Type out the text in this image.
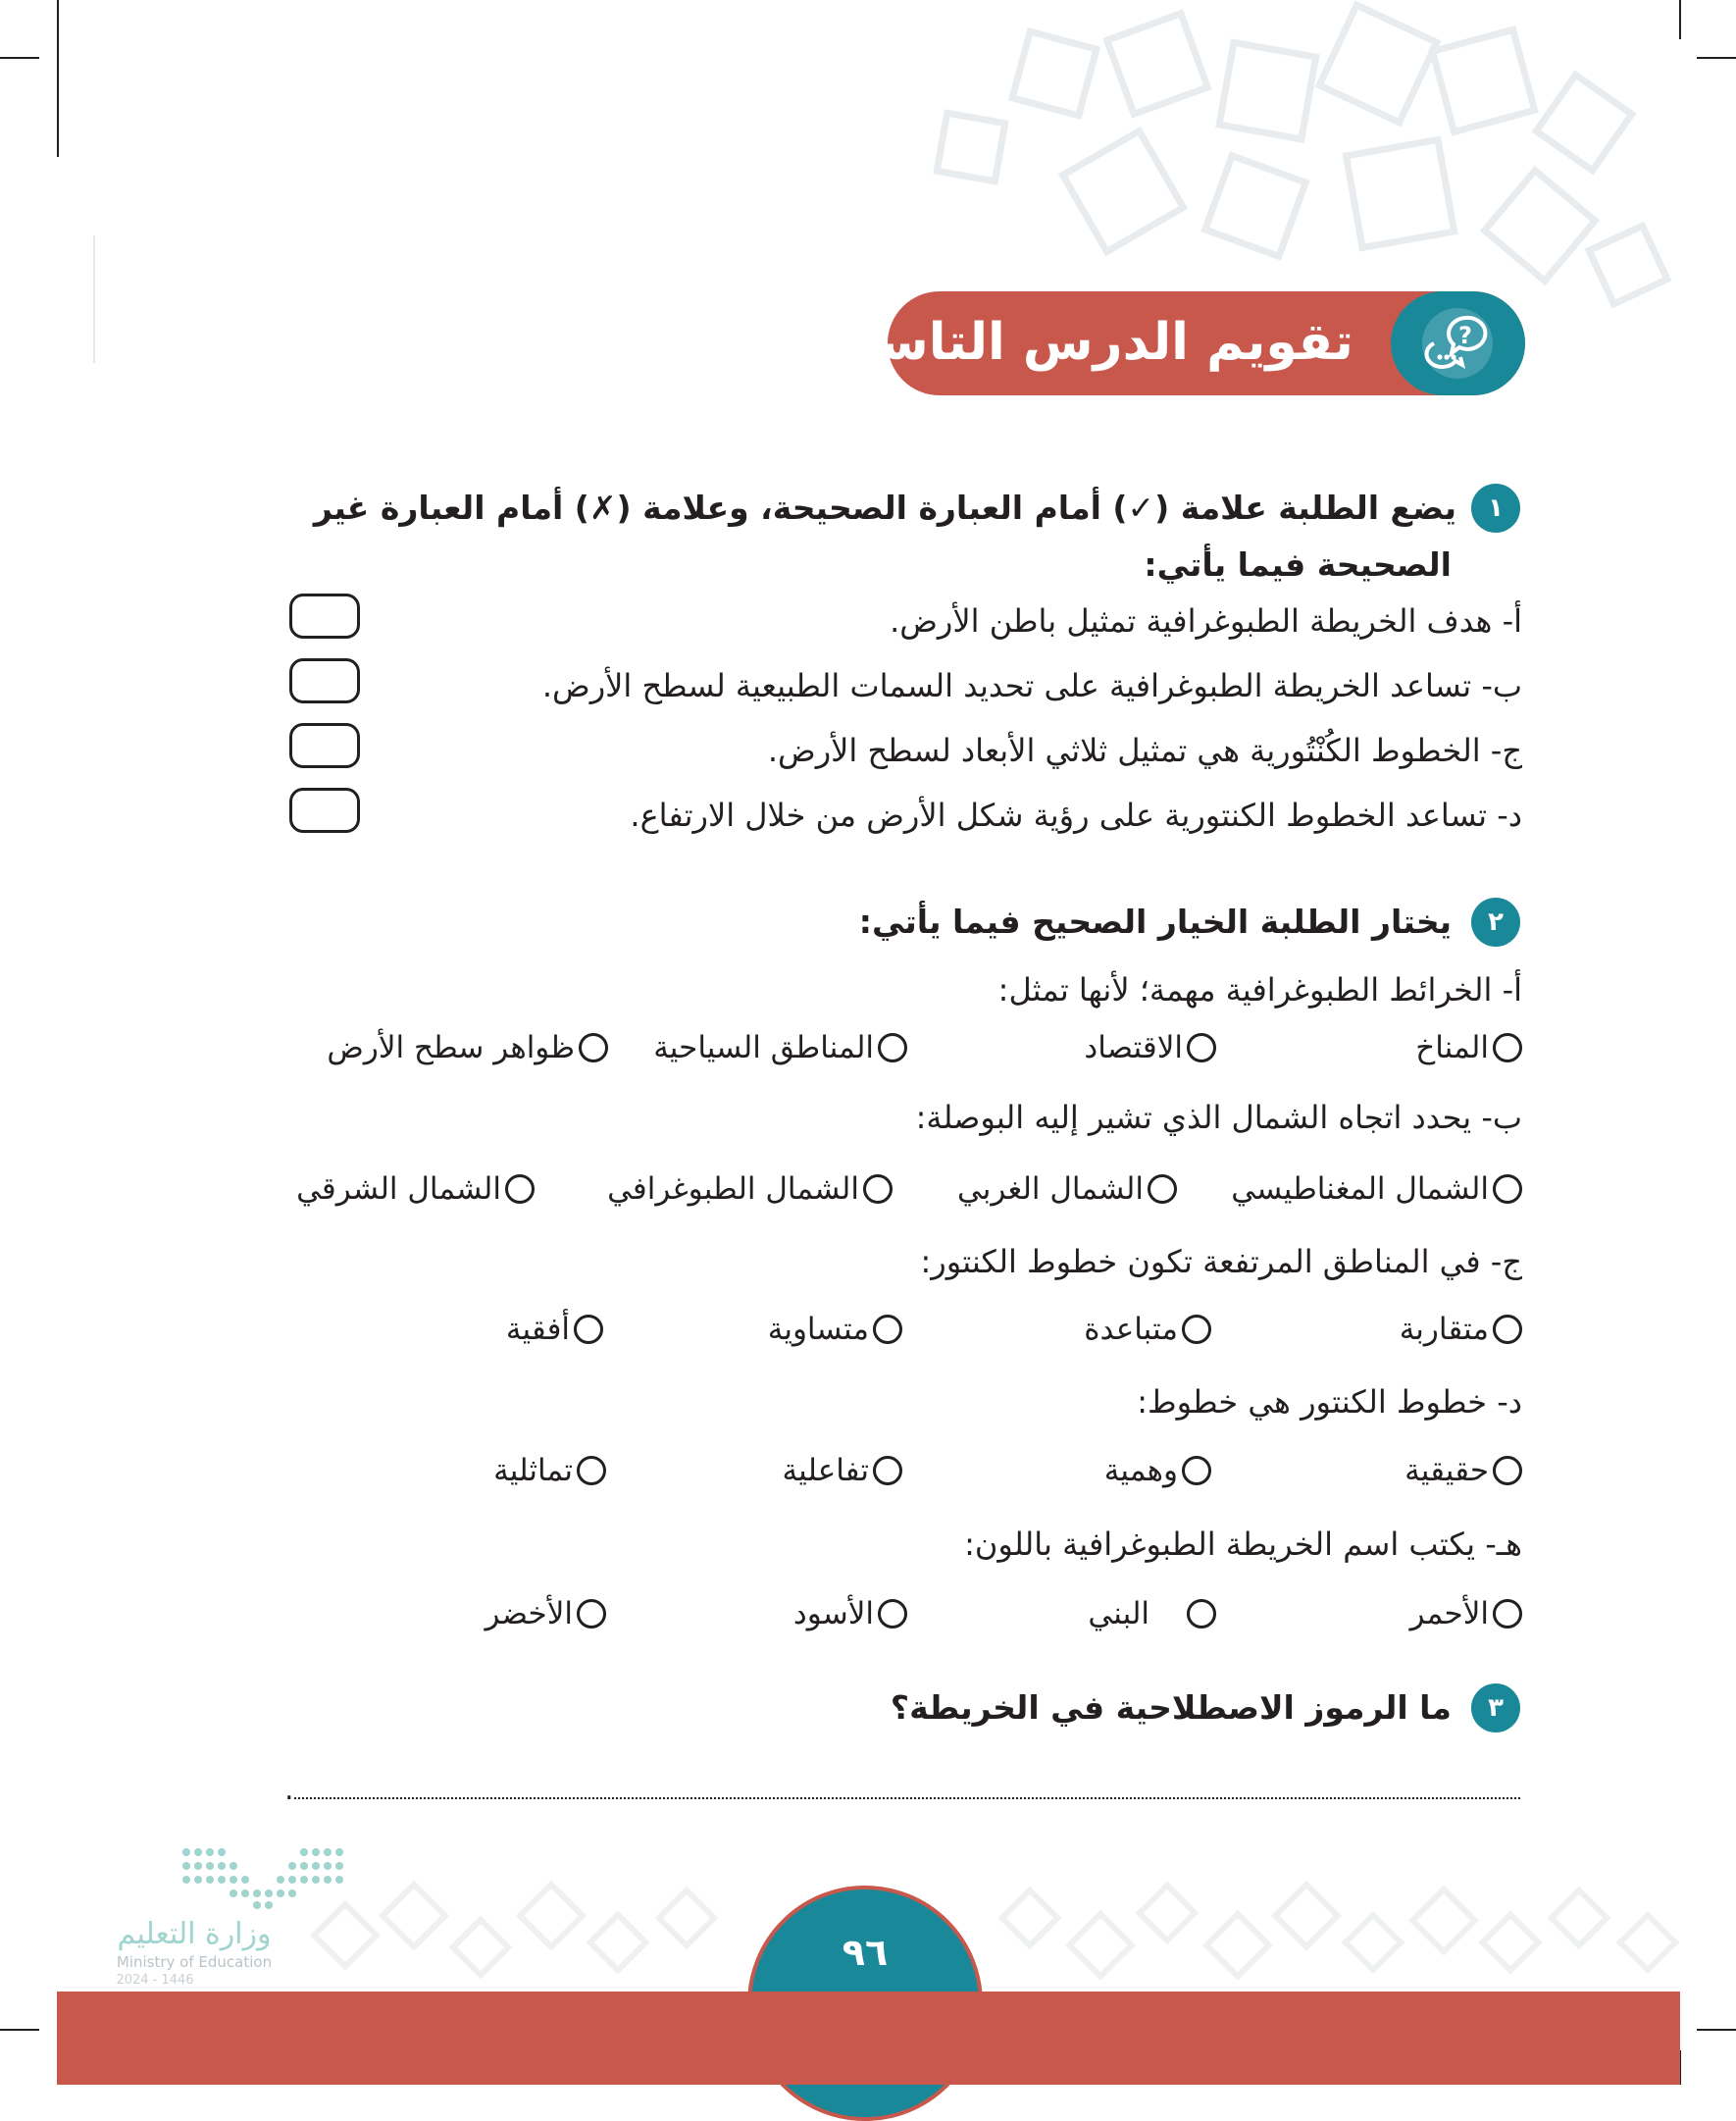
تقويم الدرس التاسع	?
١
يضع الطلبة علامة (✓) أمام العبارة الصحيحة، وعلامة (✗) أمام العبارة غير
الصحيحة فيما يأتي:
أ- هدف الخريطة الطبوغرافية تمثيل باطن الأرض.
ب- تساعد الخريطة الطبوغرافية على تحديد السمات الطبيعية لسطح الأرض.
ج- الخطوط الكُنْتُورية هي تمثيل ثلاثي الأبعاد لسطح الأرض.
د- تساعد الخطوط الكنتورية على رؤية شكل الأرض من خلال الارتفاع.
٢
يختار الطلبة الخيار الصحيح فيما يأتي:
أ- الخرائط الطبوغرافية مهمة؛ لأنها تمثل:
المناخ
الاقتصاد
المناطق السياحية
ظواهر سطح الأرض
ب- يحدد اتجاه الشمال الذي تشير إليه البوصلة:
الشمال المغناطيسي
الشمال الغربي
الشمال الطبوغرافي
الشمال الشرقي
ج- في المناطق المرتفعة تكون خطوط الكنتور:
متقاربة
متباعدة
متساوية
أفقية
د- خطوط الكنتور هي خطوط:
حقيقية
وهمية
تفاعلية
تماثلية
هـ- يكتب اسم الخريطة الطبوغرافية باللون:
الأحمر
البني
الأسود
الأخضر
٣
ما الرموز الاصطلاحية في الخريطة؟
.
وزارة التعليم
Ministry of Education
2024 - 1446
٩٦
